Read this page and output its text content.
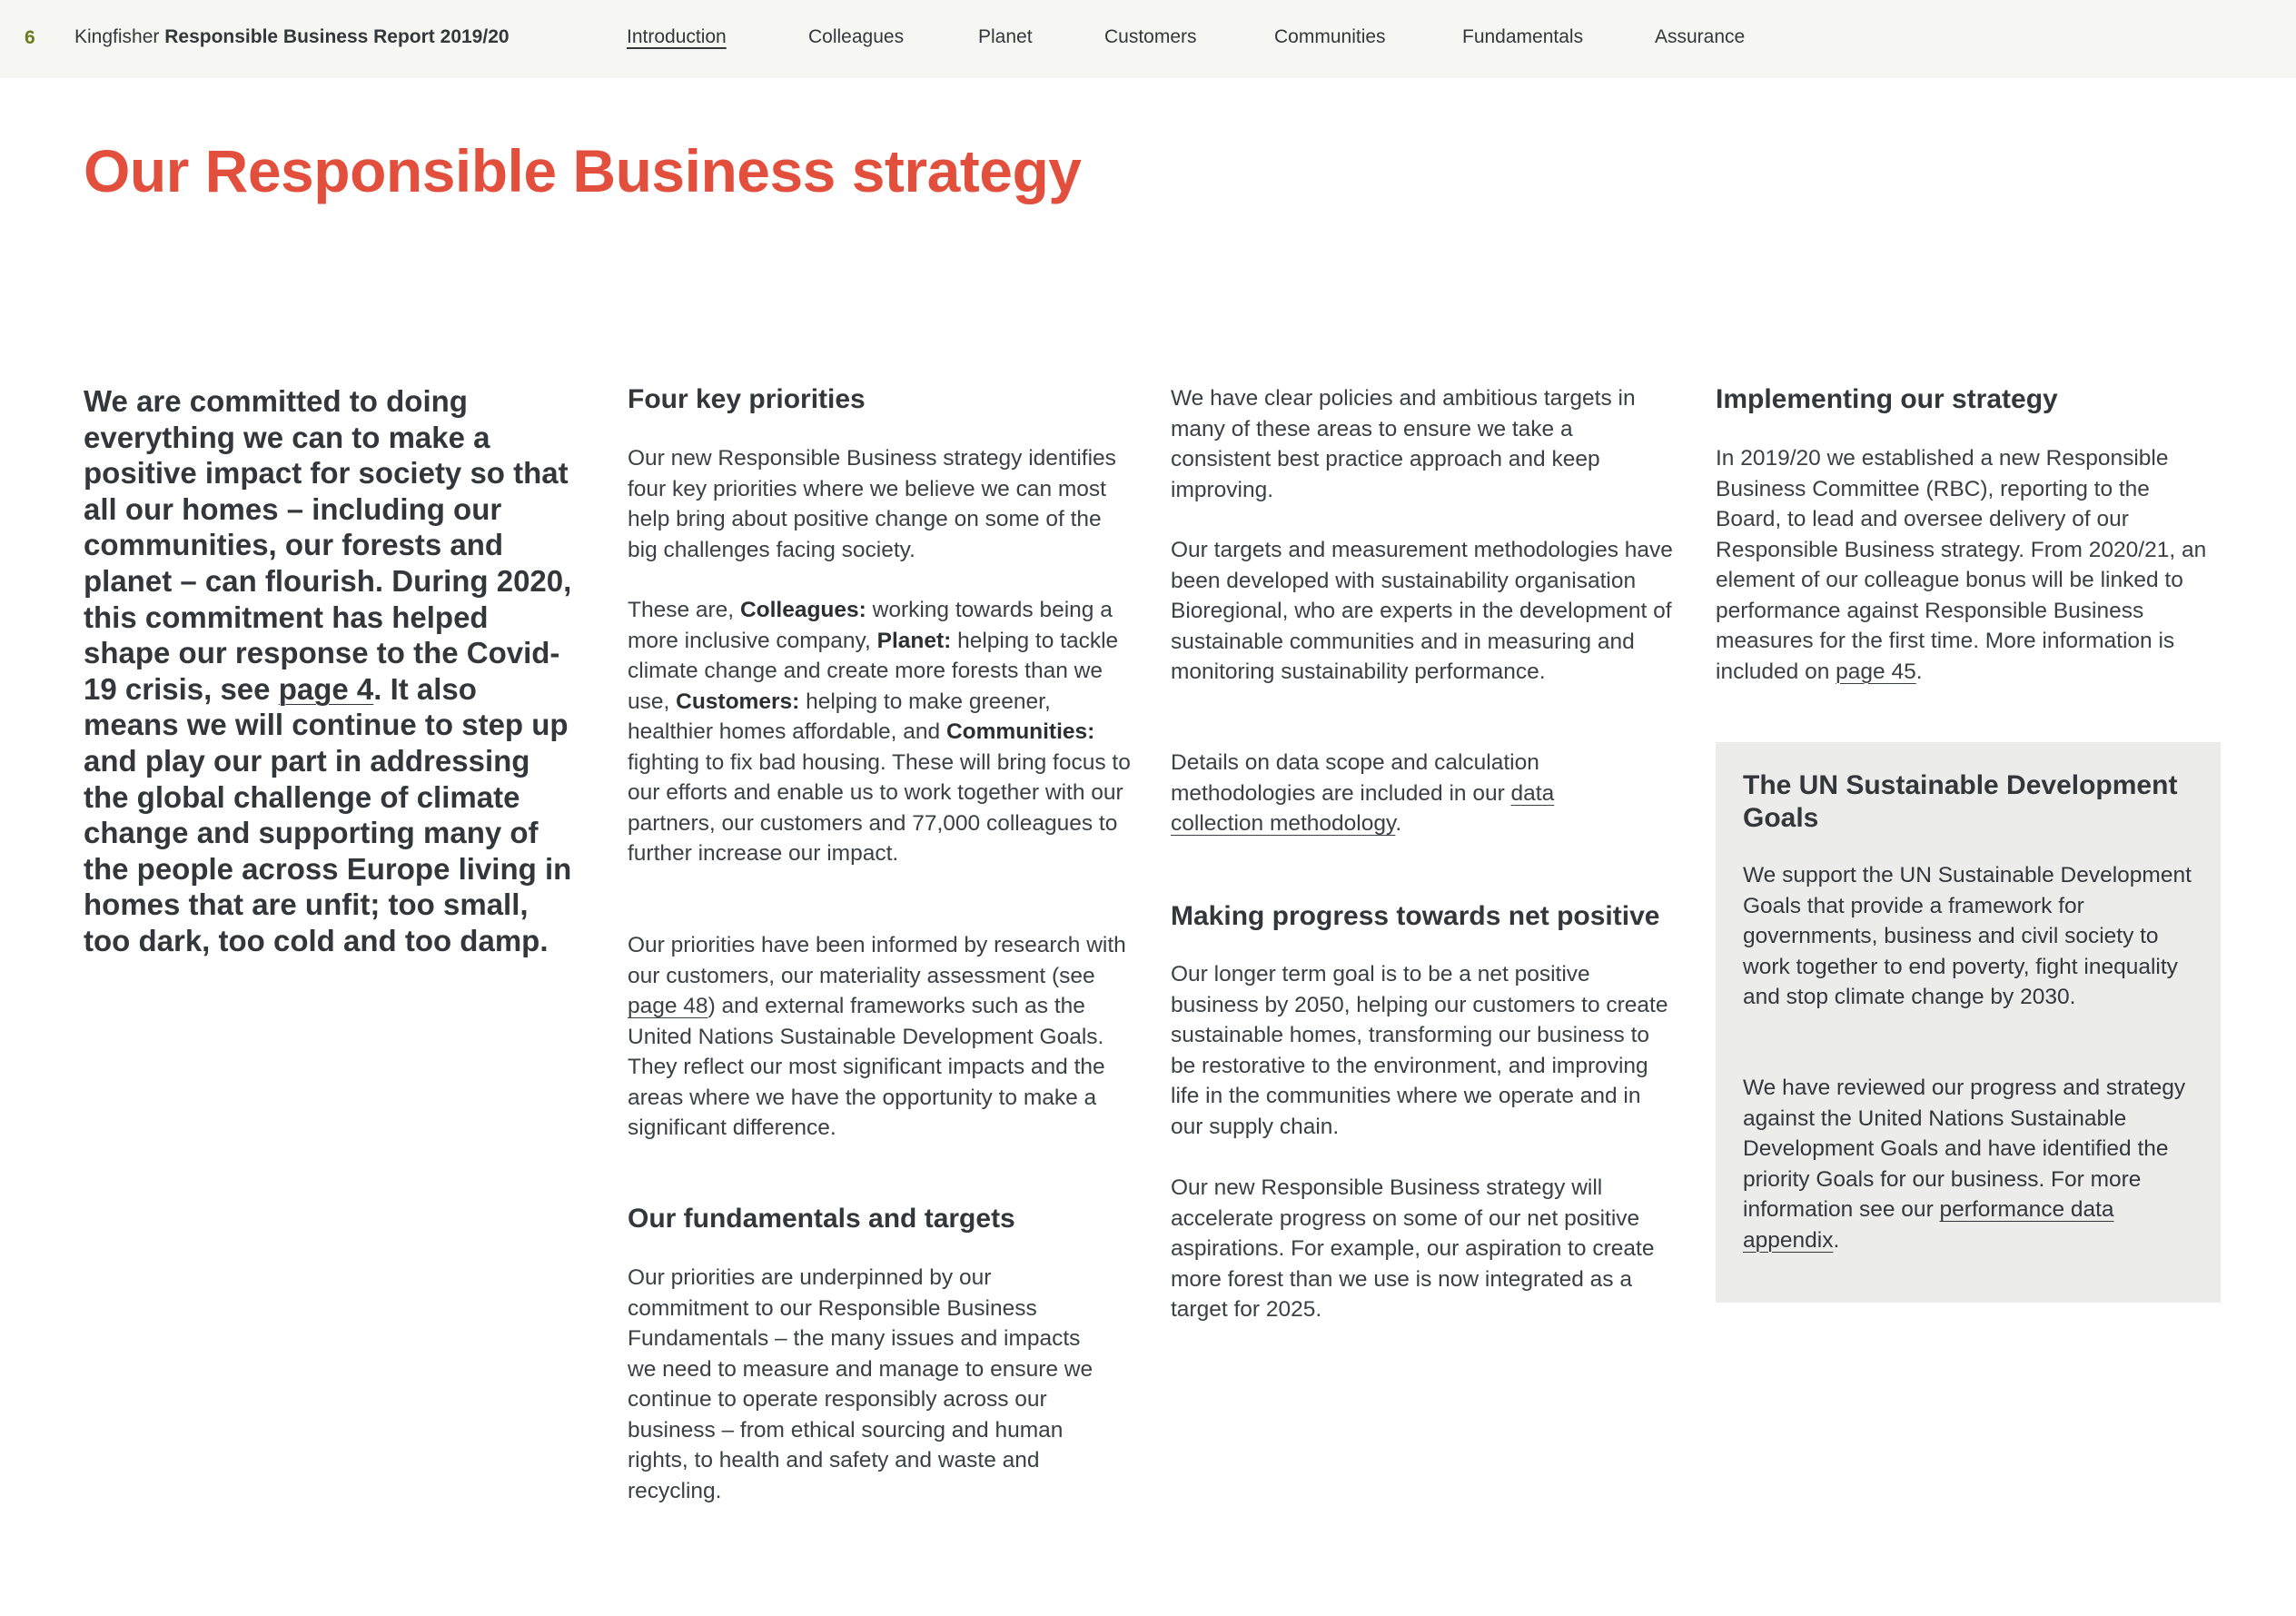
6 Kingfisher Responsible Business Report 2019/20	Introduction	Colleagues	Planet	Customers	Communities	Fundamentals	Assurance
Our Responsible Business strategy

We are committed to doing everything we can to make a positive impact for society so that all our homes – including our communities, our forests and planet – can flourish. During 2020, this commitment has helped shape our response to the Covid-19 crisis, see page 4. It also means we will continue to step up and play our part in addressing the global challenge of climate change and supporting many of the people across Europe living in homes that are unfit; too small, too dark, too cold and too damp.

Four key priorities

Our new Responsible Business strategy identifies four key priorities where we believe we can most help bring about positive change on some of the big challenges facing society.

These are, Colleagues: working towards being a more inclusive company, Planet: helping to tackle climate change and create more forests than we use, Customers: helping to make greener, healthier homes affordable, and Communities: fighting to fix bad housing. These will bring focus to our efforts and enable us to work together with our partners, our customers and 77,000 colleagues to further increase our impact.

Our priorities have been informed by research with our customers, our materiality assessment (see page 48) and external frameworks such as the United Nations Sustainable Development Goals. They reflect our most significant impacts and the areas where we have the opportunity to make a significant difference.

Our fundamentals and targets

Our priorities are underpinned by our commitment to our Responsible Business Fundamentals – the many issues and impacts we need to measure and manage to ensure we continue to operate responsibly across our business – from ethical sourcing and human rights, to health and safety and waste and recycling.

We have clear policies and ambitious targets in many of these areas to ensure we take a consistent best practice approach and keep improving.

Our targets and measurement methodologies have been developed with sustainability organisation Bioregional, who are experts in the development of sustainable communities and in measuring and monitoring sustainability performance.

Details on data scope and calculation methodologies are included in our data collection methodology.

Making progress towards net positive

Our longer term goal is to be a net positive business by 2050, helping our customers to create sustainable homes, transforming our business to be restorative to the environment, and improving life in the communities where we operate and in our supply chain.

Our new Responsible Business strategy will accelerate progress on some of our net positive aspirations. For example, our aspiration to create more forest than we use is now integrated as a target for 2025.

Implementing our strategy

In 2019/20 we established a new Responsible Business Committee (RBC), reporting to the Board, to lead and oversee delivery of our Responsible Business strategy. From 2020/21, an element of our colleague bonus will be linked to performance against Responsible Business measures for the first time. More information is included on page 45.

The UN Sustainable Development Goals

We support the UN Sustainable Development Goals that provide a framework for governments, business and civil society to work together to end poverty, fight inequality and stop climate change by 2030.

We have reviewed our progress and strategy against the United Nations Sustainable Development Goals and have identified the priority Goals for our business. For more information see our performance data appendix.
